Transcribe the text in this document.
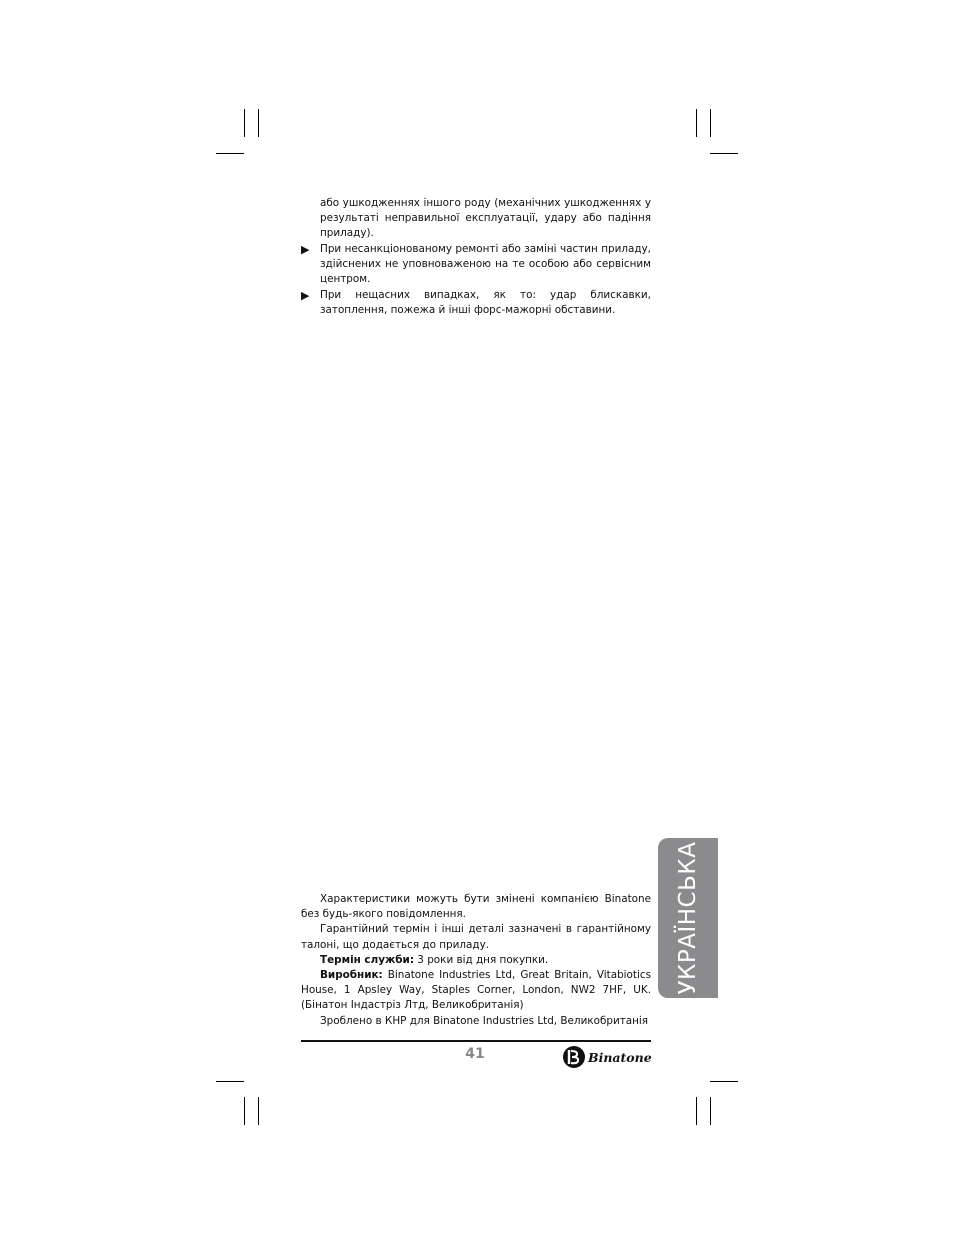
або ушкодженнях іншого роду (механічних ушкодженнях у результаті неправильної експлуатації, удару або падіння приладу).
▶	При несанкціонованому ремонті або заміні частин приладу, здійснених не уповноваженою на те особою або сервісним центром.
▶	При нещасних випадках, як то: удар блискавки, затоплення, пожежа й інші форс-мажорні обставини.

Характеристики можуть бути змінені компанією Binatone без будь-якого повідомлення.

Гарантійний термін і інші деталі зазначені в гарантійному талоні, що додається до приладу.

Термін служби: 3 роки від дня покупки.

Виробник: Binatone Industries Ltd, Great Britain, Vitabiotics House, 1 Apsley Way, Staples Corner, London, NW2 7HF, UK. (Бінатон Індастріз Лтд, Великобританія)

Зроблено в КНР для Binatone Industries Ltd, Великобританія

УКРАЇНСЬКА
41	Binatone
